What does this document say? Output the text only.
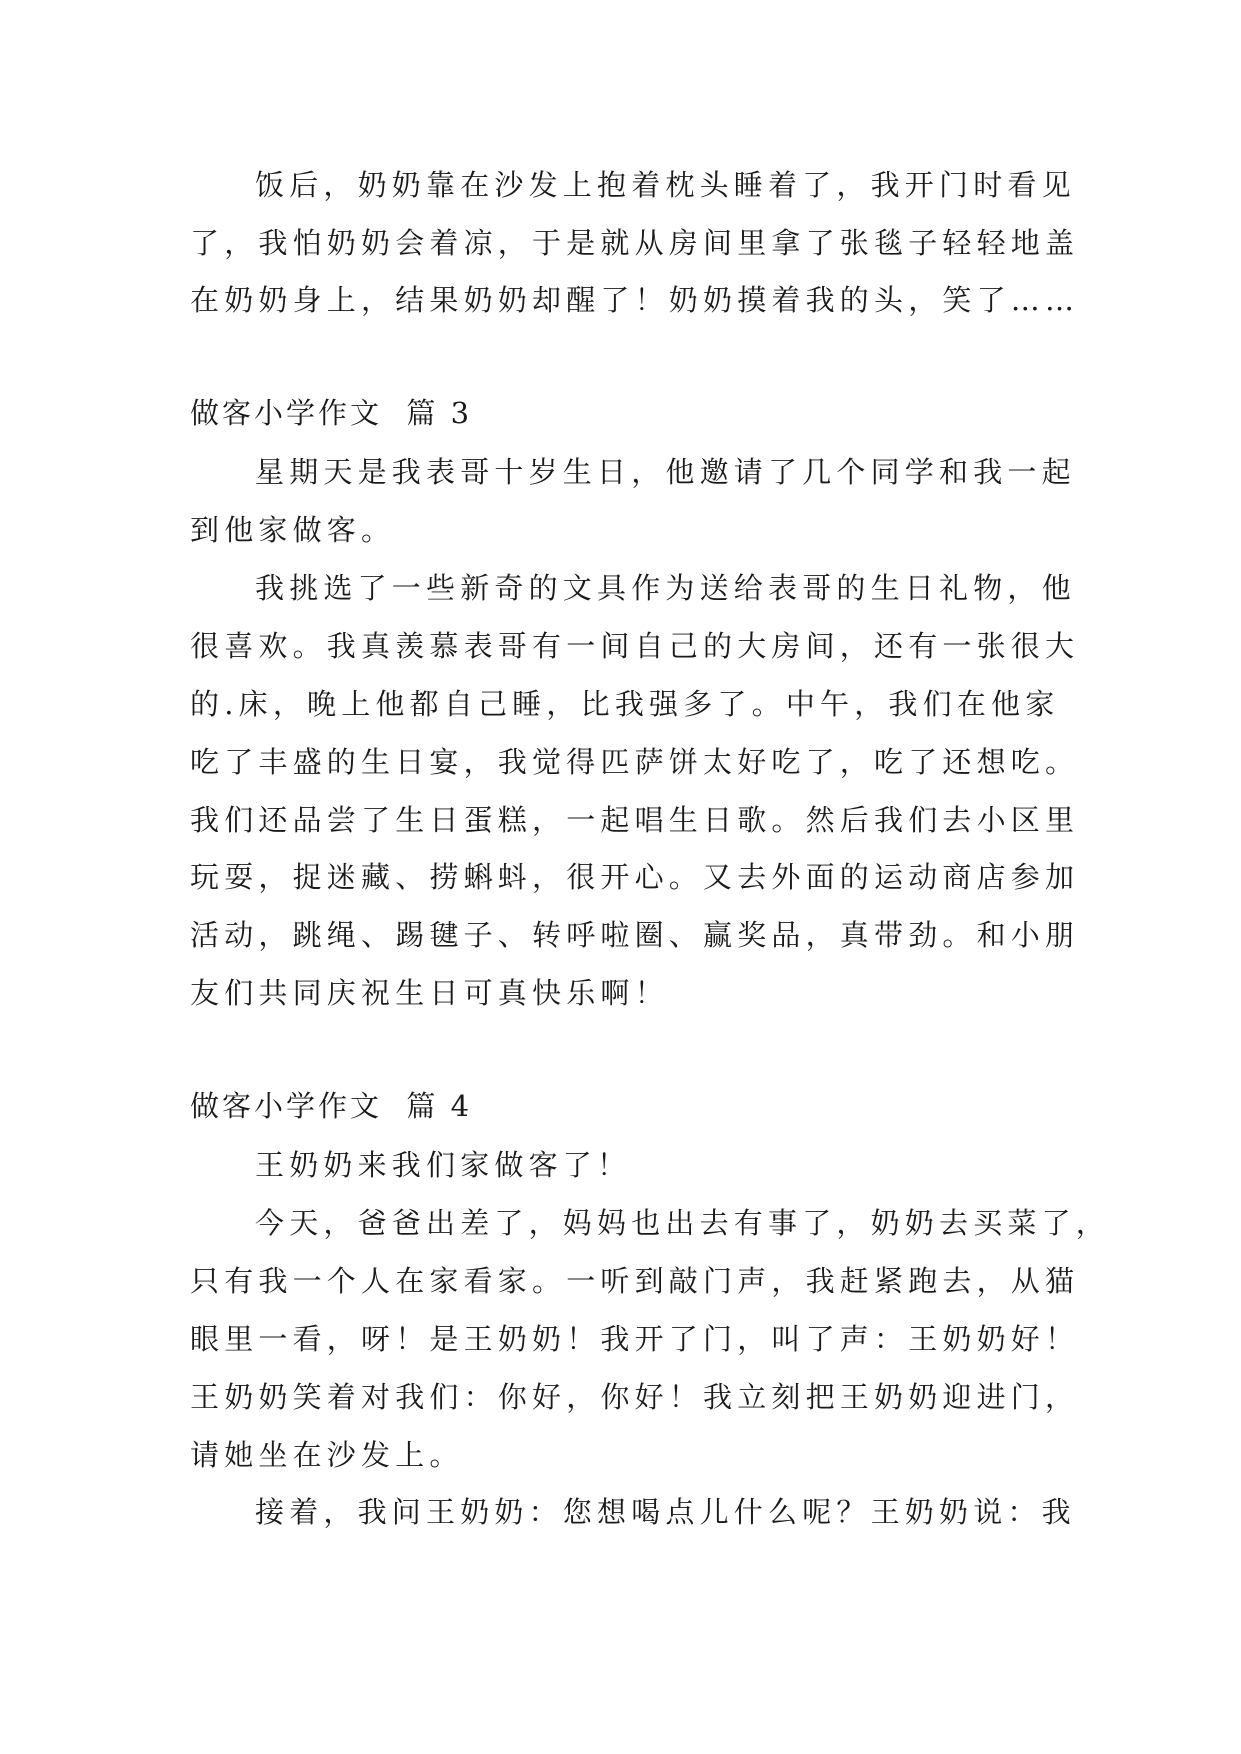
饭后，奶奶靠在沙发上抱着枕头睡着了，我开门时看见
了，我怕奶奶会着凉，于是就从房间里拿了张毯子轻轻地盖
在奶奶身上，结果奶奶却醒了！奶奶摸着我的头，笑了……
做客小学作文  篇 3
星期天是我表哥十岁生日，他邀请了几个同学和我一起
到他家做客。
我挑选了一些新奇的文具作为送给表哥的生日礼物，他
很喜欢。我真羡慕表哥有一间自己的大房间，还有一张很大
的.床，晚上他都自己睡，比我强多了。中午，我们在他家
吃了丰盛的生日宴，我觉得匹萨饼太好吃了，吃了还想吃。
我们还品尝了生日蛋糕，一起唱生日歌。然后我们去小区里
玩耍，捉迷藏、捞蝌蚪，很开心。又去外面的运动商店参加
活动，跳绳、踢毽子、转呼啦圈、赢奖品，真带劲。和小朋
友们共同庆祝生日可真快乐啊！
做客小学作文  篇 4
王奶奶来我们家做客了！
今天，爸爸出差了，妈妈也出去有事了，奶奶去买菜了，
只有我一个人在家看家。一听到敲门声，我赶紧跑去，从猫
眼里一看，呀！是王奶奶！我开了门，叫了声：王奶奶好！
王奶奶笑着对我们：你好，你好！我立刻把王奶奶迎进门，
请她坐在沙发上。
接着，我问王奶奶：您想喝点儿什么呢？王奶奶说：我
